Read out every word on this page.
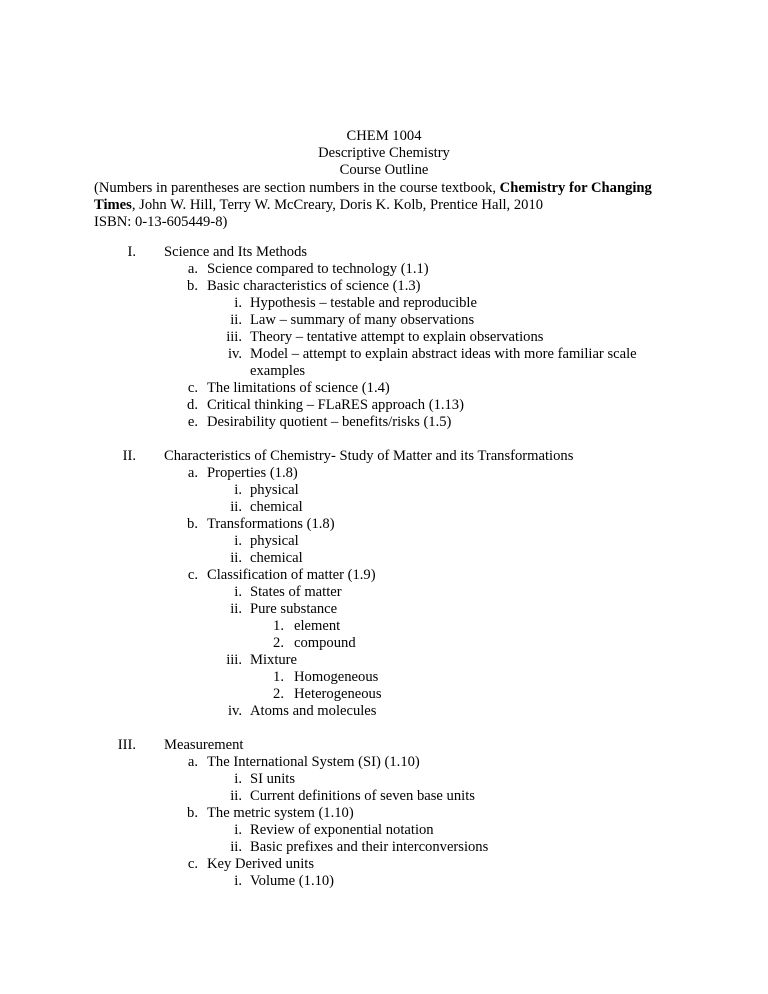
CHEM 1004
Descriptive Chemistry
Course Outline
(Numbers in parentheses are section numbers in the course textbook, Chemistry for Changing
Times, John W. Hill, Terry W. McCreary, Doris K. Kolb, Prentice Hall, 2010
ISBN: 0-13-605449-8)
I. Science and Its Methods
a. Science compared to technology (1.1)
b. Basic characteristics of science (1.3)
i. Hypothesis – testable and reproducible
ii. Law – summary of many observations
iii. Theory – tentative attempt to explain observations
iv. Model – attempt to explain abstract ideas with more familiar scale
examples
c. The limitations of science (1.4)
d. Critical thinking – FLaRES approach (1.13)
e. Desirability quotient – benefits/risks (1.5)
II. Characteristics of Chemistry- Study of Matter and its Transformations
a. Properties (1.8)
i. physical
ii. chemical
b. Transformations (1.8)
i. physical
ii. chemical
c. Classification of matter (1.9)
i. States of matter
ii. Pure substance
1. element
2. compound
iii. Mixture
1. Homogeneous
2. Heterogeneous
iv. Atoms and molecules
III. Measurement
a. The International System (SI) (1.10)
i. SI units
ii. Current definitions of seven base units
b. The metric system (1.10)
i. Review of exponential notation
ii. Basic prefixes and their interconversions
c. Key Derived units
i. Volume (1.10)
